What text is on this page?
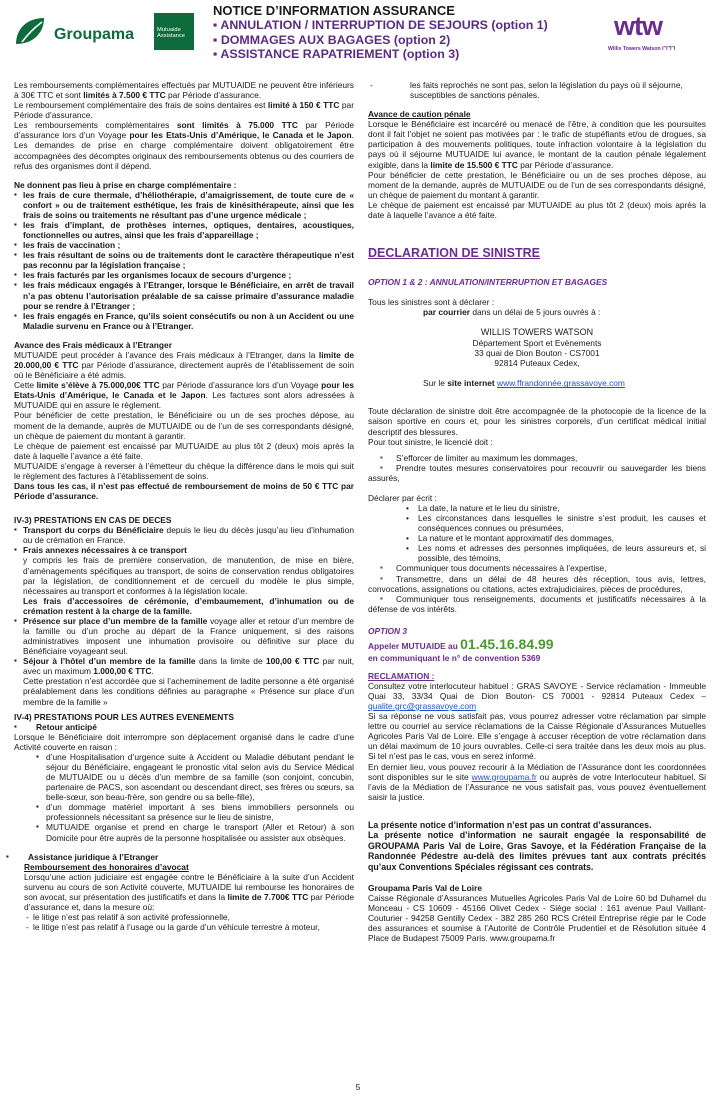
Groupama	Mutuaide
Assistance
NOTICE D’INFORMATION ASSURANCE
▪ ANNULATION / INTERRUPTION DE SEJOURS (option 1)
▪ DOMMAGES AUX BAGAGES (option 2)
▪ ASSISTANCE RAPATRIEMENT (option 3)
wtw
Willis Towers Watson I″I″I″I

Les remboursements complémentaires effectués par MUTUAIDE ne peuvent être inférieurs à 30€ TTC et sont limités à 7.500 € TTC par Période d’assurance.

Le remboursement complémentaire des frais de soins dentaires est limité à 150 € TTC par Période d’assurance.

Les remboursements complémentaires sont limités à 75.000 TTC par Période d’assurance lors d’un Voyage pour les Etats-Unis d’Amérique, le Canada et le Japon. Les demandes de prise en charge complémentaire doivent obligatoirement être accompagnées des décomptes originaux des remboursements obtenus ou des courriers de refus des organismes dont il dépend.

Ne donnent pas lieu à prise en charge complémentaire :

▪ les frais de cure thermale, d’héliothérapie, d’amaigrissement, de toute cure de « confort » ou de traitement esthétique, les frais de kinésithérapeute, ainsi que les frais de soins ou traitements ne résultant pas d’une urgence médicale ;
▪ les frais d’implant, de prothèses internes, optiques, dentaires, acoustiques, fonctionnelles ou autres, ainsi que les frais d’appareillage ;
▪ les frais de vaccination ;
▪ les frais résultant de soins ou de traitements dont le caractère thérapeutique n’est pas reconnu par la législation française ;
▪ les frais facturés par les organismes locaux de secours d’urgence ;
▪ les frais médicaux engagés à l’Etranger, lorsque le Bénéficiaire, en arrêt de travail n’a pas obtenu l’autorisation préalable de sa caisse primaire d’assurance maladie pour se rendre à l’Etranger ;
▪ les frais engagés en France, qu’ils soient consécutifs ou non à un Accident ou une Maladie survenu en France ou à l’Etranger.

Avance des Frais médicaux à l’Etranger

MUTUAIDE peut procéder à l’avance des Frais médicaux à l’Etranger, dans la limite de 20.000,00 € TTC par Période d’assurance, directement auprès de l’établissement de soin où le Bénéficiaire a été admis.

Cette limite s’élève à 75.000,00€ TTC par Période d’assurance lors d’un Voyage pour les Etats-Unis d’Amérique, le Canada et le Japon. Les factures sont alors adressées à MUTUAIDE qui en assure le règlement.

Pour bénéficier de cette prestation, le Bénéficiaire ou un de ses proches dépose, au moment de la demande, auprès de MUTUAIDE ou de l’un de ses correspondants désigné, un chèque de paiement du montant à garantir.

Le chèque de paiement est encaissé par MUTUAIDE au plus tôt 2 (deux) mois après la date à laquelle l’avance a été faite.

MUTUAIDE s’engage à reverser à l’émetteur du chèque la différence dans le mois qui suit le règlement des factures à l’établissement de soins.

Dans tous les cas, il n’est pas effectué de remboursement de moins de 50 € TTC par Période d’assurance.

IV-3) PRESTATIONS EN CAS DE DECES

▪ Transport du corps du Bénéficiaire depuis le lieu du décès jusqu’au lieu d’inhumation ou de crémation en France.
▪ Frais annexes nécessaires à ce transport

y compris les frais de première conservation, de manutention, de mise en bière, d’aménagements spécifiques au transport, de soins de conservation rendus obligatoires par la législation, de conditionnement et de cercueil du modèle le plus simple, nécessaires au transport et conformes à la législation locale.

Les frais d’accessoires de cérémonie, d’embaumement, d’inhumation ou de crémation restent à la charge de la famille.

▪ Présence sur place d’un membre de la famille voyage aller et retour d’un membre de la famille ou d’un proche au départ de la France uniquement, si des raisons administratives imposent une inhumation provisoire ou définitive sur place du Bénéficiaire voyageant seul.
▪ Séjour à l’hôtel d’un membre de la famille dans la limite de 100,00 € TTC par nuit, avec un maximum 1.000,00 € TTC.

Cette prestation n’est accordée que si l’acheminement de ladite personne a été organisé préalablement dans les conditions définies au paragraphe « Présence sur place d’un membre de la famille »

IV-4) PRESTATIONS POUR LES AUTRES EVENEMENTS

▪ Retour anticipé

Lorsque le Bénéficiaire doit interrompre son déplacement organisé dans le cadre d’une Activité couverte en raison :

▪ d’une Hospitalisation d’urgence suite à Accident ou Maladie débutant pendant le séjour du Bénéficiaire, engageant le pronostic vital selon avis du Service Médical de MUTUAIDE ou u décès d’un membre de sa famille (son conjoint, concubin, partenaire de PACS, son ascendant ou descendant direct, ses frères ou sœurs, sa belle-sœur, son beau-frère, son gendre ou sa belle-fille),
▪ d’un dommage matériel important à ses biens immobiliers personnels ou professionnels nécessitant sa présence sur le lieu de sinistre,
▪ MUTUAIDE organise et prend en charge le transport (Aller et Retour) à son Domicile pour être auprès de la personne hospitalisée ou assister aux obsèques.
▪ Assistance juridique à l’Etranger

Remboursement des honoraires d’avocat

Lorsqu’une action judiciaire est engagée contre le Bénéficiaire à la suite d’un Accident survenu au cours de son Activité couverte, MUTUAIDE lui rembourse les honoraires de son avocat, sur présentation des justificatifs et dans la limite de 7.700€ TTC par Période d’assurance et, dans la mesure où:

- le litige n’est pas relatif à son activité professionnelle,
- le litige n’est pas relatif à l’usage ou la garde d’un véhicule terrestre à moteur,
- les faits reprochés ne sont pas, selon la législation du pays où il séjourne, susceptibles de sanctions pénales.

Avance de caution pénale

Lorsque le Bénéficiaire est incarcéré ou menacé de l’être, à condition que les poursuites dont il fait l’objet ne soient pas motivées par : le trafic de stupéfiants et/ou de drogues, sa participation à des mouvements politiques, toute infraction volontaire à la législation du pays où il séjourne MUTUAIDE lui avance, le montant de la caution pénale légalement exigible, dans la limite de 15.500 € TTC par Période d’assurance.

Pour bénéficier de cette prestation, le Bénéficiaire ou un de ses proches dépose, au moment de la demande, auprès de MUTUAIDE ou de l’un de ses correspondants désigné, un chèque de paiement du montant à garantir.

Le chèque de paiement est encaissé par MUTUAIDE au plus tôt 2 (deux) mois après la date à laquelle l’avance a été faite.

DECLARATION DE SINISTRE

OPTION 1 & 2 : ANNULATION/INTERRUPTION ET BAGAGES

Tous les sinistres sont à déclarer :

par courrier dans un délai de 5 jours ouvrés à :

WILLIS TOWERS WATSON
Département Sport et Evènements
33 quai de Dion Bouton - CS7001
92814 Puteaux Cedex,

Sur le site internet www.ffrandonnée.grassavoye.com

Toute déclaration de sinistre doit être accompagnée de la photocopie de la licence de la saison sportive en cours et, pour les sinistres corporels, d’un certificat médical initial descriptif des blessures.

Pour tout sinistre, le licencié doit :

▪ S’efforcer de limiter au maximum les dommages,
▪ Prendre toutes mesures conservatoires pour recouvrir ou sauvegarder les biens assurés,

Déclarer par écrit :

• La date, la nature et le lieu du sinistre,
• Les circonstances dans lesquelles le sinistre s’est produit, les causes et conséquences connues ou présumées,
• La nature et le montant approximatif des dommages,
• Les noms et adresses des personnes impliquées, de leurs assureurs et, si possible, des témoins,
▪ Communiquer tous documents nécessaires à l’expertise,
▪ Transmettre, dans un délai de 48 heures dès réception, tous avis, lettres, convocations, assignations ou citations, actes extrajudiciaires, pièces de procédures,
▪ Communiquer tous renseignements, documents et justificatifs nécessaires à la défense de vos intérêts.

OPTION 3

Appeler MUTUAIDE au 01.45.16.84.99

en communiquant le n° de convention 5369

RECLAMATION :

Consultez votre interlocuteur habituel : GRAS SAVOYE - Service réclamation - Immeuble Quai 33, 33/34 Quai de Dion Bouton- CS 70001 - 92814 Puteaux Cedex – qualite.grc@grassavoye.com

Si sa réponse ne vous satisfait pas, vous pourrez adresser votre réclamation par simple lettre ou courriel au service réclamations de la Caisse Régionale d’Assurances Mutuelles Agricoles Paris Val de Loire. Elle s’engage à accuser réception de votre réclamation dans un délai maximum de 10 jours ouvrables. Celle-ci sera traitée dans les deux mois au plus. Si tel n’est pas le cas, vous en serez informé.

En dernier lieu, vous pouvez recourir à la Médiation de l’Assurance dont les coordonnées sont disponibles sur le site www.groupama.fr ou auprès de votre Interlocuteur habituel. Si l’avis de la Médiation de l’Assurance ne vous satisfait pas, vous pouvez éventuellement saisir la justice.

La présente notice d’information n’est pas un contrat d’assurances.

La présente notice d’information ne saurait engagée la responsabilité de GROUPAMA Paris Val de Loire, Gras Savoye, et la Fédération Française de la Randonnée Pédestre au-delà des limites prévues tant aux contrats précités qu’aux Conventions Spéciales régissant ces contrats.

Groupama Paris Val de Loire

Caisse Régionale d’Assurances Mutuelles Agricoles Paris Val de Loire 60 bd Duhamel du Monceau - CS 10609 - 45166 Olivet Cedex - Siège social : 161 avenue Paul Vaillant-Couturier - 94258 Gentilly Cedex - 382 285 260 RCS Créteil Entreprise régie par le Code des assurances et soumise à l’Autorité de Contrôle Prudentiel et de Résolution située 4 Place de Budapest 75009 Paris. www.groupama.fr

5
